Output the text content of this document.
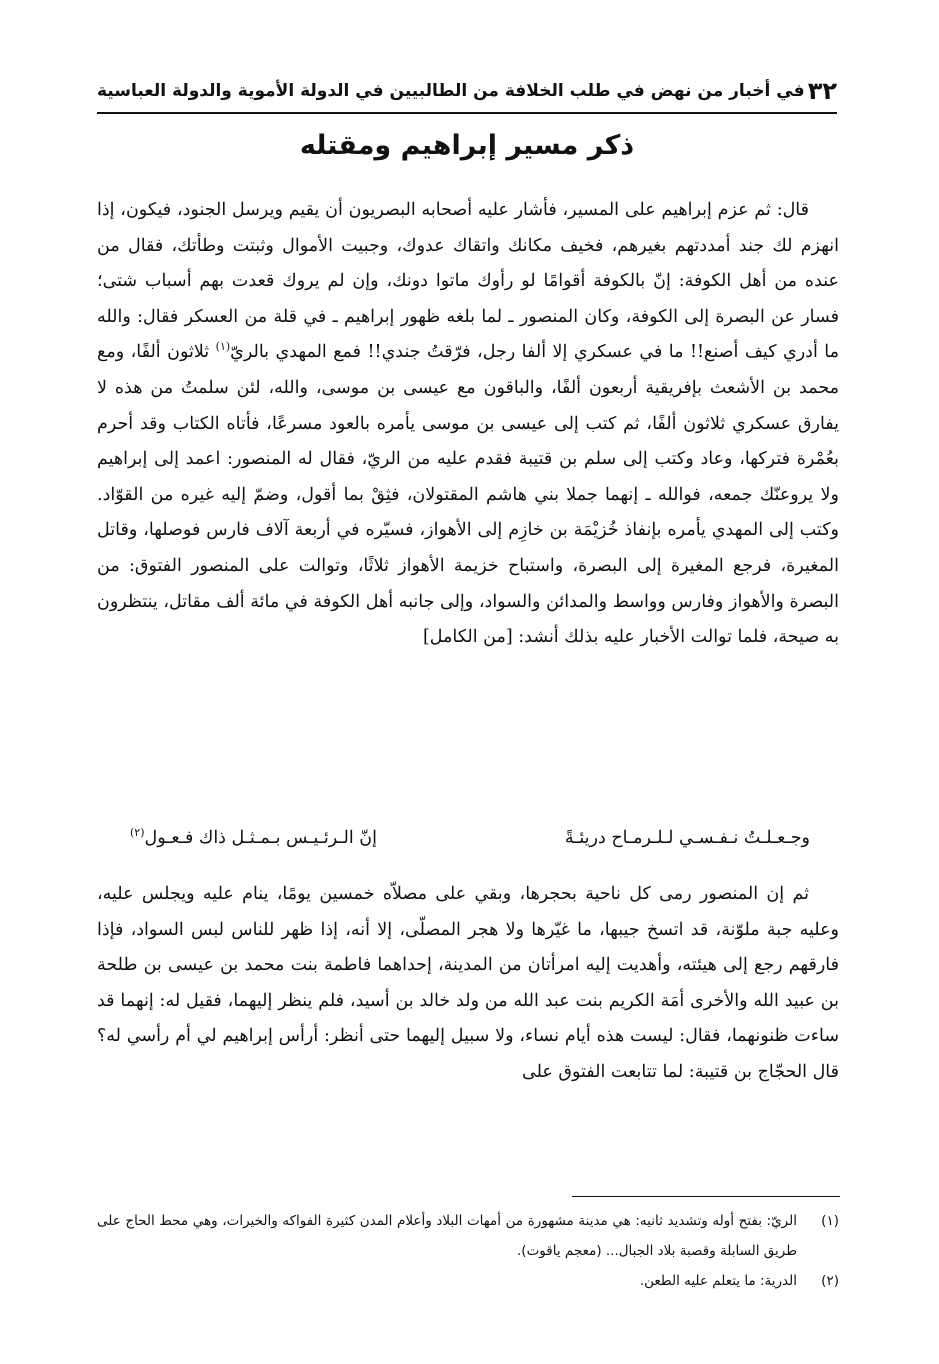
٣٢
في أخبار من نهض في طلب الخلافة من الطالبيين في الدولة الأموية والدولة العباسية
ذكر مسير إبراهيم ومقتله

قال: ثم عزم إبراهيم على المسير، فأشار عليه أصحابه البصريون أن يقيم ويرسل الجنود، فيكون، إذا انهزم لك جند أمددتهم بغيرهم، فخيف مكانك واتقاك عدوك، وجبيت الأموال وثبتت وطأتك، فقال من عنده من أهل الكوفة: إنّ بالكوفة أقوامًا لو رأوك ماتوا دونك، وإن لم يروك قعدت بهم أسباب شتى؛ فسار عن البصرة إلى الكوفة، وكان المنصور ـ لما بلغه ظهور إبراهيم ـ في قلة من العسكر فقال: والله ما أدري كيف أصنع!! ما في عسكري إلا ألفا رجل، فرّقتُ جندي!! فمع المهدي بالريّ$^{(١)}$ ثلاثون ألفًا، ومع محمد بن الأشعث بإفريقية أربعون ألفًا، والباقون مع عيسى بن موسى، والله، لئن سلمتُ من هذه لا يفارق عسكري ثلاثون ألفًا، ثم كتب إلى عيسى بن موسى يأمره بالعود مسرعًا، فأتاه الكتاب وقد أحرم بعُمْرة فتركها، وعاد وكتب إلى سلم بن قتيبة فقدم عليه من الريّ، فقال له المنصور: اعمد إلى إبراهيم ولا يروعنّك جمعه، فوالله ـ إنهما جملا بني هاشم المقتولان، فثِقْ بما أقول، وضمّ إليه غيره من القوّاد. وكتب إلى المهدي يأمره بإنفاذ خُزيْمَة بن خازِم إلى الأهواز، فسيّره في أربعة آلاف فارس فوصلها، وقاتل المغيرة، فرجع المغيرة إلى البصرة، واستباح خزيمة الأهواز ثلاثًا، وتوالت على المنصور الفتوق: من البصرة والأهواز وفارس وواسط والمدائن والسواد، وإلى جانبه أهل الكوفة في مائة ألف مقاتل، ينتظرون به صيحة، فلما توالت الأخبار عليه بذلك أنشد: [من الكامل]

وجـعـلـتُ نـفـسـي لـلـرمـاح دريئـةً
إنّ الـرئـيـس بـمـثـل ذاك فـعـول$^{(٢)}$

ثم إن المنصور رمى كل ناحية بحجرها، وبقي على مصلاّه خمسين يومًا، ينام عليه ويجلس عليه، وعليه جبة ملوّنة، قد اتسخ جيبها، ما غيّرها ولا هجر المصلّى، إلا أنه، إذا ظهر للناس لبس السواد، فإذا فارقهم رجع إلى هيئته، وأهديت إليه امرأتان من المدينة، إحداهما فاطمة بنت محمد بن عيسى بن طلحة بن عبيد الله والأخرى أمَة الكريم بنت عبد الله من ولد خالد بن أسيد، فلم ينظر إليهما، فقيل له: إنهما قد ساءت ظنونهما، فقال: ليست هذه أيام نساء، ولا سبيل إليهما حتى أنظر: أرأس إبراهيم لي أم رأسي له؟ قال الحجّاج بن قتيبة: لما تتابعت الفتوق على

(١)
الريّ: بفتح أوله وتشديد ثانيه: هي مدينة مشهورة من أمهات البلاد وأعلام المدن كثيرة الفواكه والخيرات، وهي محط الحاج على طريق السابلة وقصبة بلاد الجبال... (معجم ياقوت).
(٢)
الدرية: ما يتعلم عليه الطعن.
